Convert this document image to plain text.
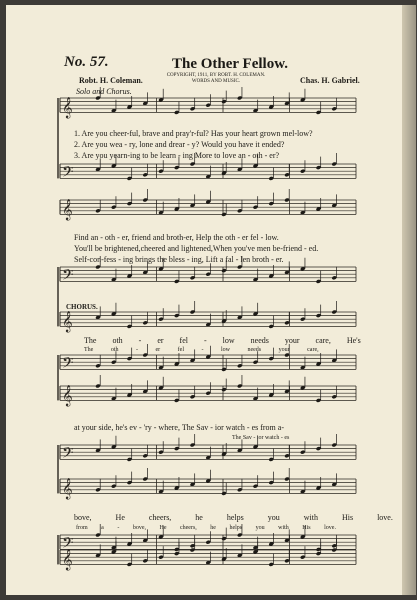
𝄞
𝄢
𝄞
𝄢
𝄞
𝄢
𝄞
𝄢
𝄞
𝄢
𝄞
No. 57.	The Other Fellow.
Robt. H. Coleman.
COPYRIGHT, 1911, BY ROBT. H. COLEMAN.
WORDS AND MUSIC.	Chas. H. Gabriel.
Solo and Chorus.
1. Are you cheer-ful, brave and pray'r-ful? Has your heart grown mel-low?
2. Are you wea - ry, lone and drear - y? Would you have it ended?
3. Are you yearn-ing to be learn - ing More to love an - oth - er?
Find an - oth - er, friend and broth-er, Help the oth - er fel - low.
You'll be brightened,cheered and lightened,When you've men be-friend - ed.
Self-con-fess - ing brings the bless - ing, Lift a fal - len broth - er.
CHORUS.
The oth - er fel - low needs your care, He's
The oth - er fel - low needs your care,
at your side, he's ev - 'ry - where, The Sav - ior watch - es from a-
The Sav - ior watch - es
bove, He cheers, he helps you with His love.
from a - bove, He cheers, he helps you with His love.
